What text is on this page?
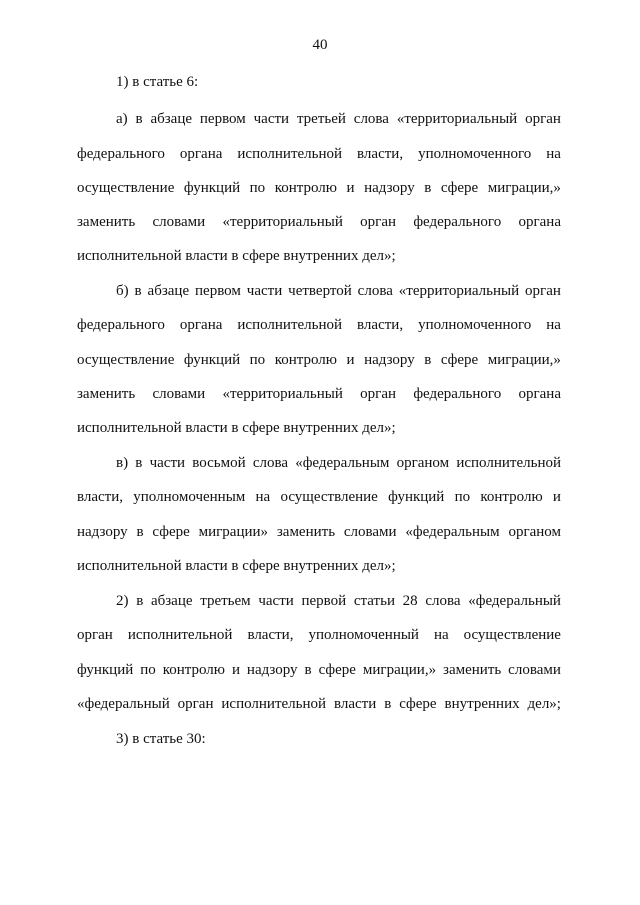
40
1) в статье 6:
а) в абзаце первом части третьей слова «территориальный орган
федерального органа исполнительной власти, уполномоченного на
осуществление функций по контролю и надзору в сфере миграции,»
заменить словами «территориальный орган федерального органа
исполнительной власти в сфере внутренних дел»;
б) в абзаце первом части четвертой слова «территориальный орган
федерального органа исполнительной власти, уполномоченного на
осуществление функций по контролю и надзору в сфере миграции,»
заменить словами «территориальный орган федерального органа
исполнительной власти в сфере внутренних дел»;
в) в части восьмой слова «федеральным органом исполнительной
власти, уполномоченным на осуществление функций по контролю и
надзору в сфере миграции» заменить словами «федеральным органом
исполнительной власти в сфере внутренних дел»;
2) в абзаце третьем части первой статьи 28 слова «федеральный
орган исполнительной власти, уполномоченный на осуществление
функций по контролю и надзору в сфере миграции,» заменить словами
«федеральный орган исполнительной власти в сфере внутренних дел»;
3) в статье 30:
